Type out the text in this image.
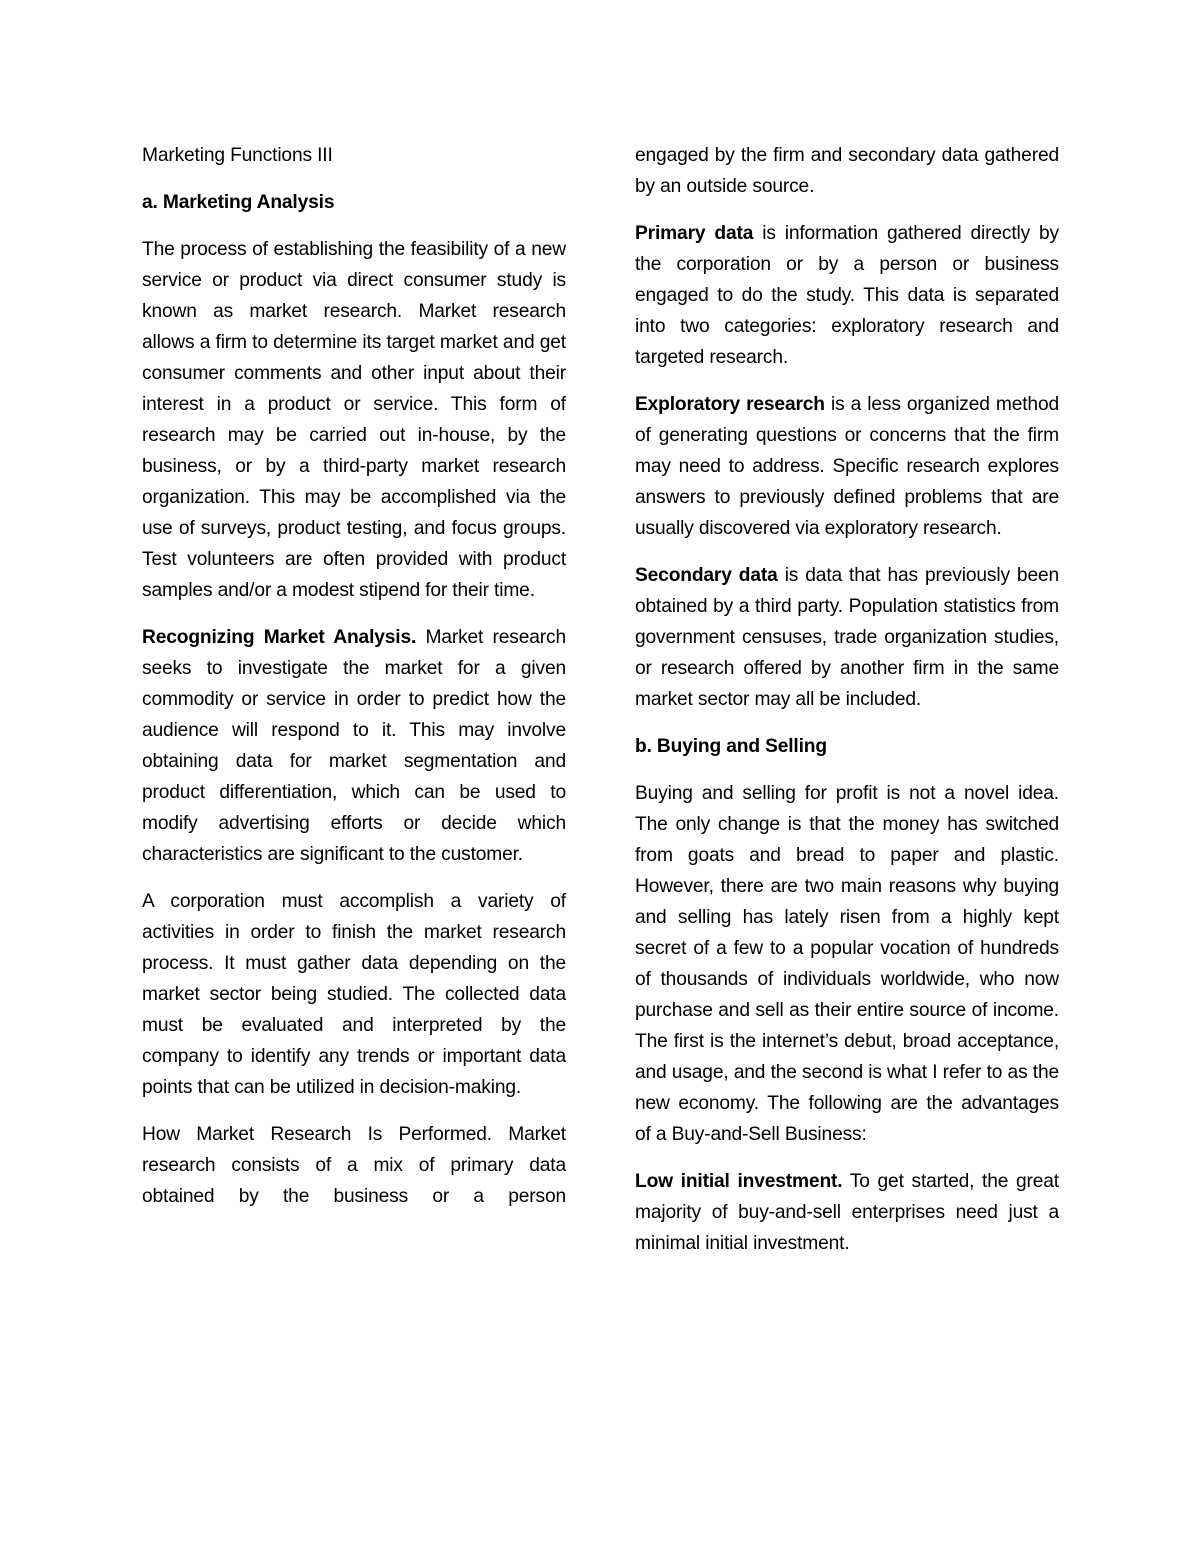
Marketing Functions III
a. Marketing Analysis

The process of establishing the feasibility of a new service or product via direct consumer study is known as market research. Market research allows a firm to determine its target market and get consumer comments and other input about their interest in a product or service. This form of research may be carried out in-house, by the business, or by a third-party market research organization. This may be accomplished via the use of surveys, product testing, and focus groups. Test volunteers are often provided with product samples and/or a modest stipend for their time.

Recognizing Market Analysis. Market research seeks to investigate the market for a given commodity or service in order to predict how the audience will respond to it. This may involve obtaining data for market segmentation and product differentiation, which can be used to modify advertising efforts or decide which characteristics are significant to the customer.

A corporation must accomplish a variety of activities in order to finish the market research process. It must gather data depending on the market sector being studied. The collected data must be evaluated and interpreted by the company to identify any trends or important data points that can be utilized in decision-making.

How Market Research Is Performed. Market research consists of a mix of primary data obtained by the business or a person

engaged by the firm and secondary data gathered by an outside source.

Primary data is information gathered directly by the corporation or by a person or business engaged to do the study. This data is separated into two categories: exploratory research and targeted research.

Exploratory research is a less organized method of generating questions or concerns that the firm may need to address. Specific research explores answers to previously defined problems that are usually discovered via exploratory research.

Secondary data is data that has previously been obtained by a third party. Population statistics from government censuses, trade organization studies, or research offered by another firm in the same market sector may all be included.

b. Buying and Selling

Buying and selling for profit is not a novel idea. The only change is that the money has switched from goats and bread to paper and plastic. However, there are two main reasons why buying and selling has lately risen from a highly kept secret of a few to a popular vocation of hundreds of thousands of individuals worldwide, who now purchase and sell as their entire source of income. The first is the internet’s debut, broad acceptance, and usage, and the second is what I refer to as the new economy. The following are the advantages of a Buy-and-Sell Business:

Low initial investment. To get started, the great majority of buy-and-sell enterprises need just a minimal initial investment.
